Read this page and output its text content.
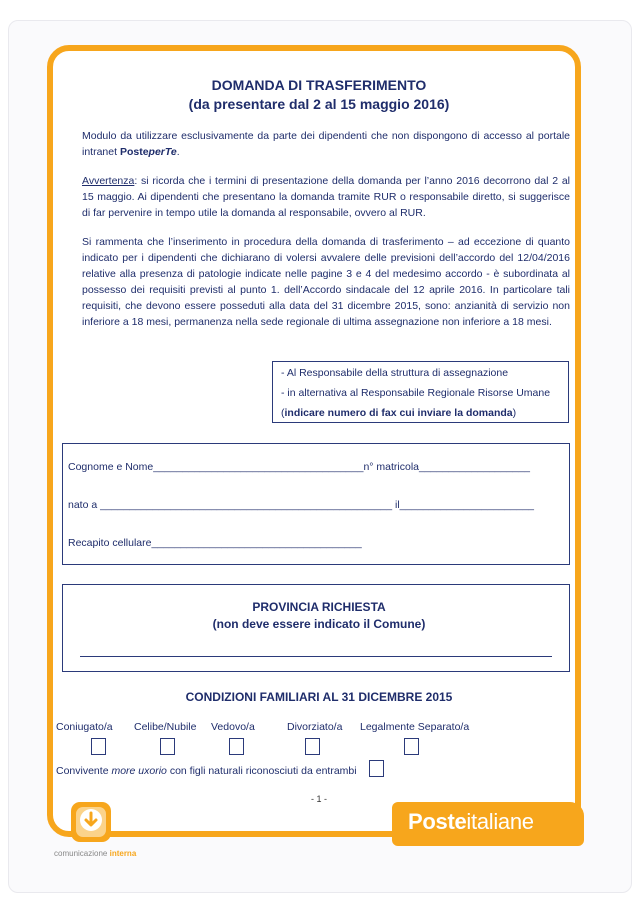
DOMANDA DI TRASFERIMENTO
(da presentare dal 2 al 15 maggio 2016)
Modulo da utilizzare esclusivamente da parte dei dipendenti che non dispongono di accesso al portale intranet PosteperTe.
Avvertenza: si ricorda che i termini di presentazione della domanda per l’anno 2016 decorrono dal 2 al 15 maggio. Ai dipendenti che presentano la domanda tramite RUR o responsabile diretto, si suggerisce di far pervenire in tempo utile la domanda al responsabile, ovvero al RUR.
Si rammenta che l’inserimento in procedura della domanda di trasferimento – ad eccezione di quanto indicato per i dipendenti che dichiarano di volersi avvalere delle previsioni dell’accordo del 12/04/2016 relative alla presenza di patologie indicate nelle pagine 3 e 4 del medesimo accordo - è subordinata al possesso dei requisiti previsti al punto 1. dell’Accordo sindacale del 12 aprile 2016. In particolare tali requisiti, che devono essere posseduti alla data del 31 dicembre 2015, sono: anzianità di servizio non inferiore a 18 mesi, permanenza nella sede regionale di ultima assegnazione non inferiore a 18 mesi.
- Al Responsabile della struttura di assegnazione
- in alternativa al Responsabile Regionale Risorse Umane
(indicare numero di fax cui inviare la domanda)
Cognome e Nome____________________________________n° matricola___________________
nato a __________________________________________________ il_______________________
Recapito cellulare____________________________________
PROVINCIA RICHIESTA
(non deve essere indicato il Comune)
CONDIZIONI FAMILIARI AL 31 DICEMBRE 2015
Coniugato/a Celibe/Nubile Vedovo/a	Divorziato/a Legalmente Separato/a
Convivente more uxorio con figli naturali riconosciuti da entrambi
- 1 -
comunicazione interna
Posteitaliane
